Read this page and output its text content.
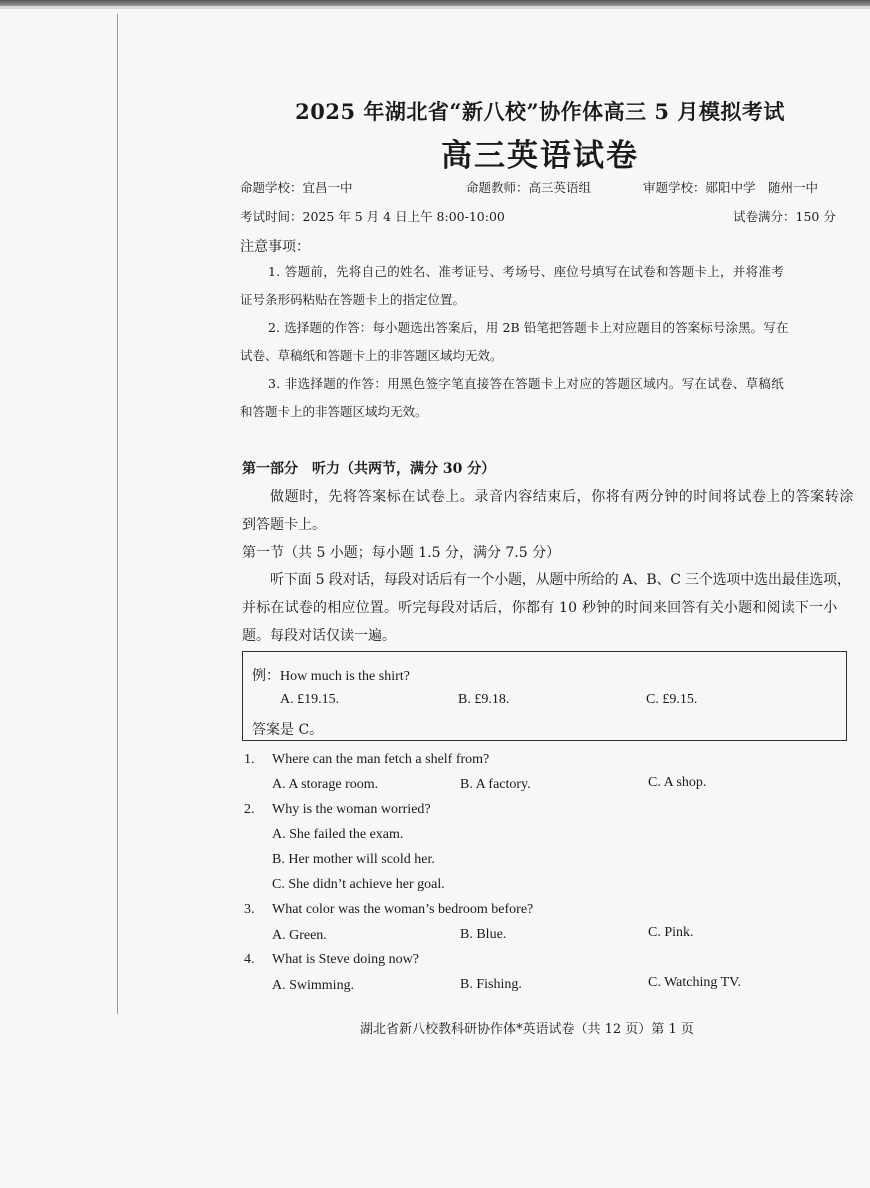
2025 年湖北省“新八校”协作体高三 5 月模拟考试
高三英语试卷
命题学校：宜昌一中	命题教师：高三英语组	审题学校：郧阳中学　随州一中
考试时间：2025 年 5 月 4 日上午 8:00-10:00	试卷满分：150 分
注意事项：
1. 答题前，先将自己的姓名、准考证号、考场号、座位号填写在试卷和答题卡上，并将准考
证号条形码粘贴在答题卡上的指定位置。
2. 选择题的作答：每小题选出答案后，用 2B 铅笔把答题卡上对应题目的答案标号涂黑。写在
试卷、草稿纸和答题卡上的非答题区域均无效。
3. 非选择题的作答：用黑色签字笔直接答在答题卡上对应的答题区域内。写在试卷、草稿纸
和答题卡上的非答题区域均无效。
第一部分　听力（共两节，满分 30 分）
做题时，先将答案标在试卷上。录音内容结束后，你将有两分钟的时间将试卷上的答案转涂
到答题卡上。
第一节（共 5 小题；每小题 1.5 分，满分 7.5 分）
听下面 5 段对话，每段对话后有一个小题，从题中所给的 A、B、C 三个选项中选出最佳选项，
并标在试卷的相应位置。听完每段对话后，你都有 10 秒钟的时间来回答有关小题和阅读下一小
题。每段对话仅读一遍。
例：How much is the shirt?
A. £19.15.	B. £9.18.	C. £9.15.
答案是 C。
1. Where can the man fetch a shelf from?
A. A storage room.	B. A factory.	C. A shop.
2. Why is the woman worried?
A. She failed the exam.
B. Her mother will scold her.
C. She didn’t achieve her goal.
3. What color was the woman’s bedroom before?
A. Green.	B. Blue.	C. Pink.
4. What is Steve doing now?
A. Swimming.	B. Fishing.	C. Watching TV.
湖北省新八校教科研协作体*英语试卷（共 12 页）第 1 页
